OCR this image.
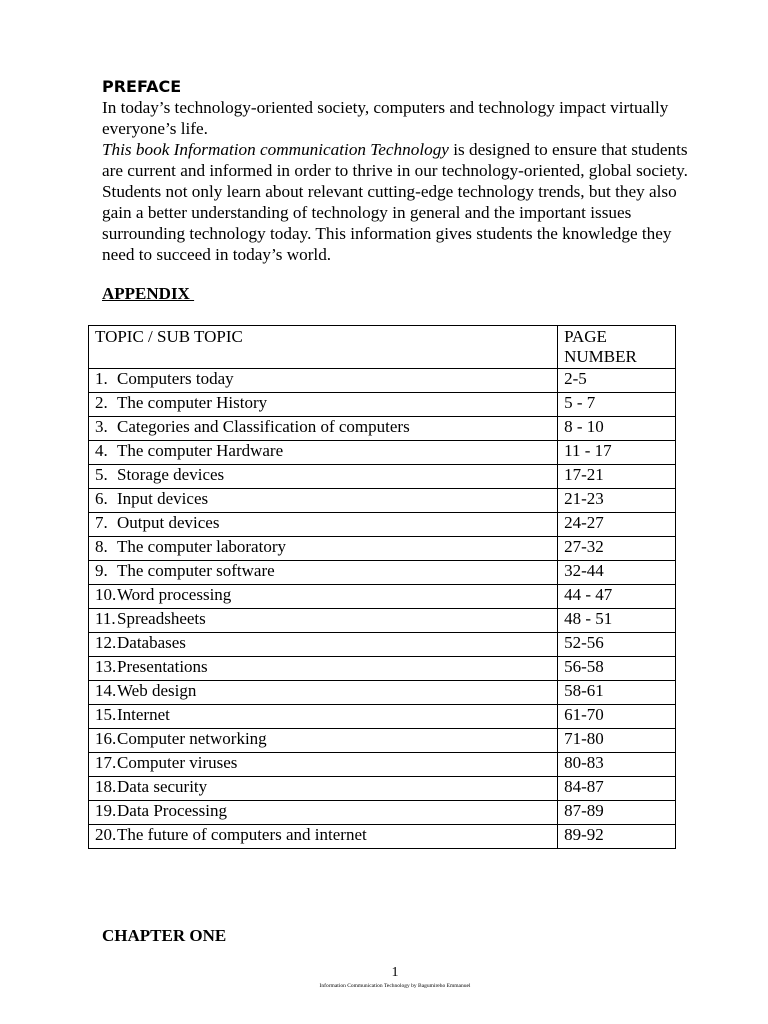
PREFACE

In today’s technology-oriented society, computers and technology impact virtually everyone’s life.

This book Information communication Technology is designed to ensure that students are current and informed in order to thrive in our technology-oriented, global society. Students not only learn about relevant cutting-edge technology trends, but they also gain a better understanding of technology in general and the important issues surrounding technology today. This information gives students the knowledge they need to succeed in today’s world.

APPENDIX
TOPIC / SUB TOPIC	PAGE NUMBER
1. Computers today	2-5
2. The computer History	5 - 7
3. Categories and Classification of computers	8 - 10
4. The computer Hardware	11 - 17
5. Storage devices	17-21
6. Input devices	21-23
7. Output devices	24-27
8. The computer laboratory	27-32
9. The computer software	32-44
10.Word processing	44 - 47
11.Spreadsheets	48 - 51
12.Databases	52-56
13.Presentations	56-58
14.Web design	58-61
15.Internet	61-70
16.Computer networking	71-80
17.Computer viruses	80-83
18.Data security	84-87
19.Data Processing	87-89
20.The future of computers and internet	89-92
CHAPTER ONE
1
Information Communication Technology by Bagumireho Emmanuel
